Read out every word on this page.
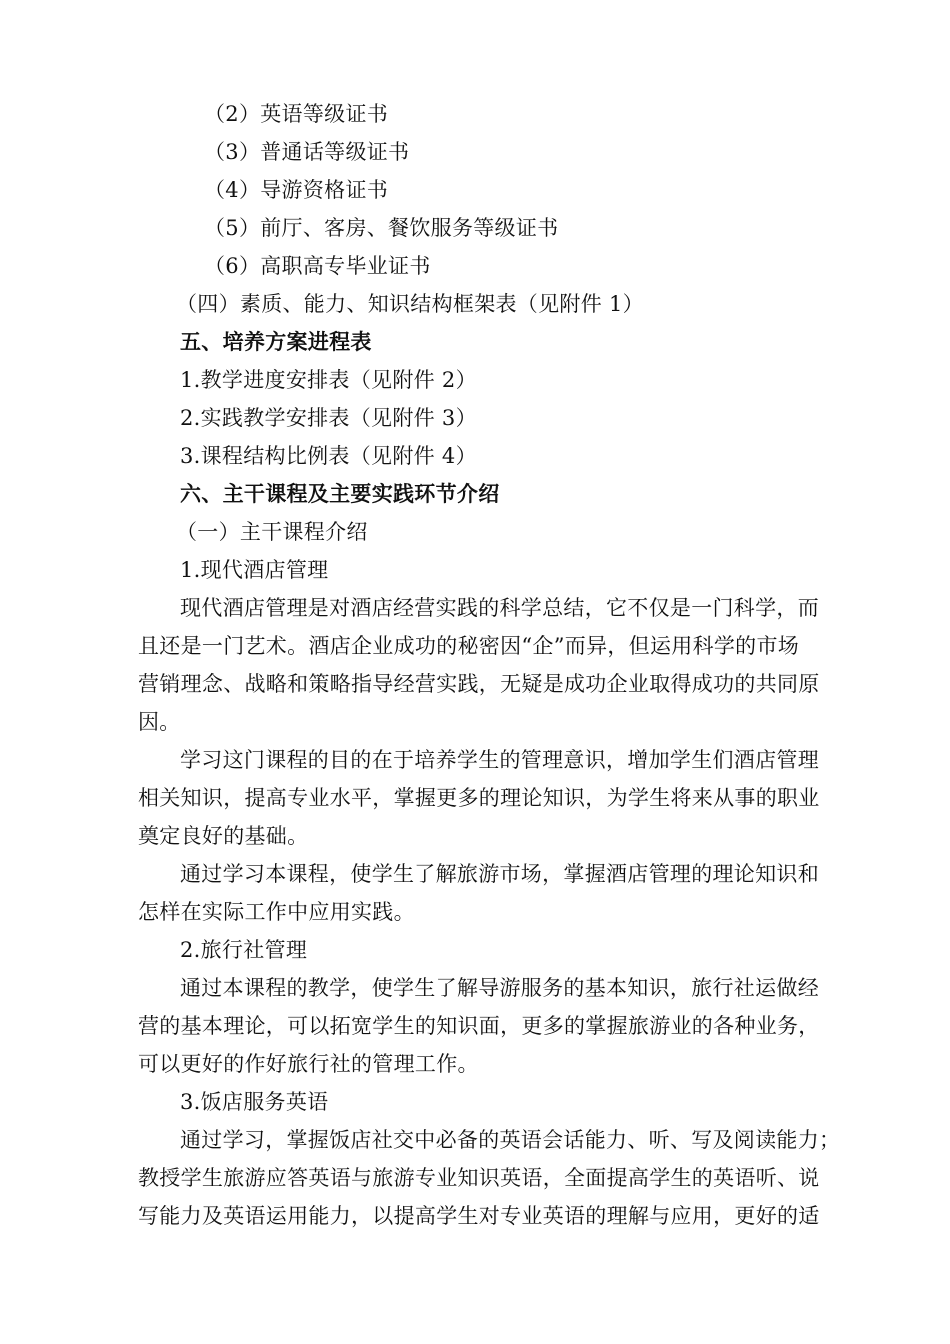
（2）英语等级证书
（3）普通话等级证书
（4）导游资格证书
（5）前厅、客房、餐饮服务等级证书
（6）高职高专毕业证书
（四）素质、能力、知识结构框架表（见附件 1）
五、培养方案进程表
1.教学进度安排表（见附件 2）
2.实践教学安排表（见附件 3）
3.课程结构比例表（见附件 4）
六、主干课程及主要实践环节介绍
（一）主干课程介绍
1.现代酒店管理
现代酒店管理是对酒店经营实践的科学总结，它不仅是一门科学，而
且还是一门艺术。酒店企业成功的秘密因“企”而异，但运用科学的市场
营销理念、战略和策略指导经营实践，无疑是成功企业取得成功的共同原
因。
学习这门课程的目的在于培养学生的管理意识，增加学生们酒店管理
相关知识，提高专业水平，掌握更多的理论知识，为学生将来从事的职业
奠定良好的基础。
通过学习本课程，使学生了解旅游市场，掌握酒店管理的理论知识和
怎样在实际工作中应用实践。
2.旅行社管理
通过本课程的教学，使学生了解导游服务的基本知识，旅行社运做经
营的基本理论，可以拓宽学生的知识面，更多的掌握旅游业的各种业务，
可以更好的作好旅行社的管理工作。
3.饭店服务英语
通过学习，掌握饭店社交中必备的英语会话能力、听、写及阅读能力；
教授学生旅游应答英语与旅游专业知识英语，全面提高学生的英语听、说
写能力及英语运用能力，以提高学生对专业英语的理解与应用，更好的适
